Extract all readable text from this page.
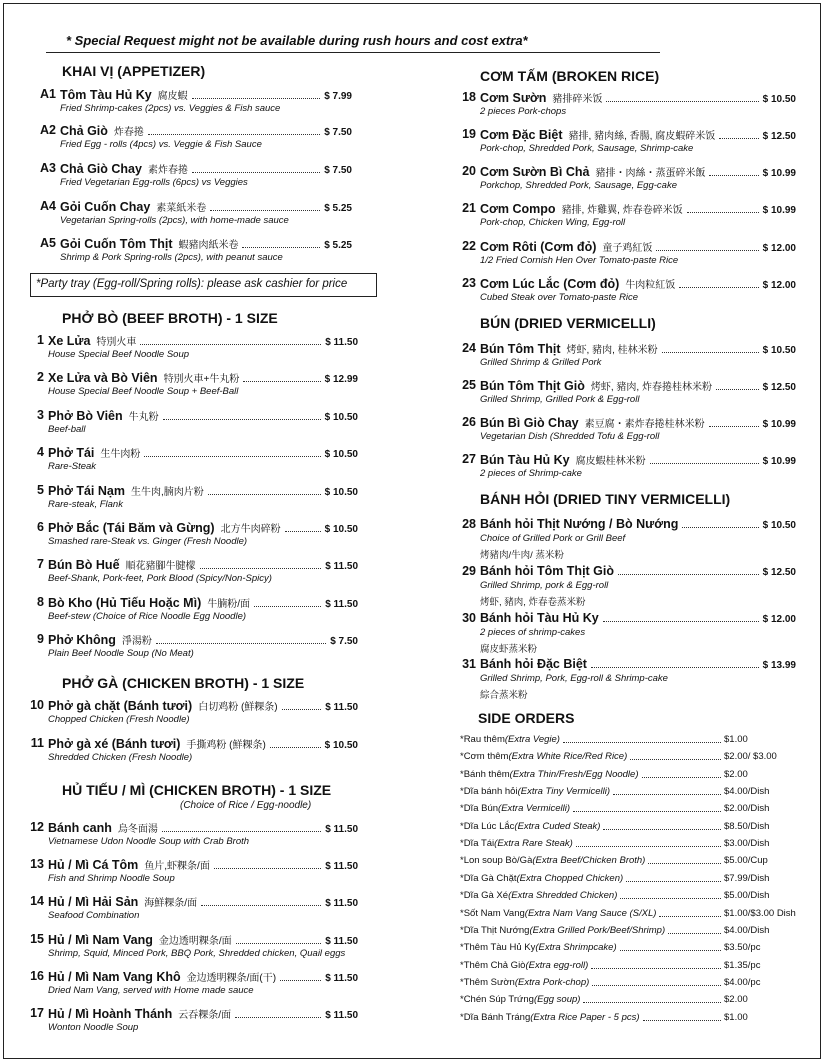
* Special Request might not be available during rush hours and cost extra*
KHAI VỊ (APPETIZER)
PHỞ BÒ (BEEF BROTH) - 1 SIZE
PHỞ GÀ (CHICKEN BROTH) - 1 SIZE
HỦ TIẾU / MÌ (CHICKEN BROTH) - 1 SIZE
(Choice of Rice / Egg-noodle)
CƠM TẤM (BROKEN RICE)
BÚN (DRIED VERMICELLI)
BÁNH HỎI (DRIED TINY VERMICELLI)
SIDE ORDERS
*Party tray (Egg-roll/Spring rolls): please ask cashier for price
A1 Tôm Tàu Hủ Ky 腐皮蝦	$ 7.99
Fried Shrimp-cakes (2pcs) vs. Veggies & Fish sauce
A2 Chả Giò 炸春捲	$ 7.50
Fried Egg - rolls (4pcs) vs. Veggie & Fish Sauce
A3 Chả Giò Chay 素炸春捲	$ 7.50
Fried Vegetarian Egg-rolls (6pcs) vs Veggies
A4 Gỏi Cuốn Chay 素菜紙米卷	$ 5.25
Vegetarian Spring-rolls (2pcs), with home-made sauce
A5 Gỏi Cuốn Tôm Thịt 蝦豬肉紙米卷	$ 5.25
Shrimp & Pork Spring-rolls (2pcs), with peanut sauce
1 Xe Lửa 特別火車	$ 11.50
House Special Beef Noodle Soup
2 Xe Lửa và Bò Viên 特別火車+牛丸粉	$ 12.99
House Special Beef Noodle Soup + Beef-Ball
3 Phở Bò Viên 牛丸粉	$ 10.50
Beef-ball
4 Phở Tái 生牛肉粉	$ 10.50
Rare-Steak
5 Phở Tái Nạm 生牛肉,腩肉片粉	$ 10.50
Rare-steak, Flank
6 Phở Bắc (Tái Băm và Gừng) 北方牛肉碎粉	$ 10.50
Smashed rare-Steak vs. Ginger (Fresh Noodle)
7 Bún Bò Huế 順花豬腳牛腱檬	$ 11.50
Beef-Shank, Pork-feet, Pork Blood (Spicy/Non-Spicy)
8 Bò Kho (Hủ Tiếu Hoặc Mì) 牛腩粉/面	$ 11.50
Beef-stew (Choice of Rice Noodle Egg Noodle)
9 Phở Không 淨湯粉	$ 7.50
Plain Beef Noodle Soup (No Meat)
10 Phở gà chặt (Bánh tươi) 白切鸡粉 (鮮粿条)	$ 11.50
Chopped Chicken (Fresh Noodle)
11 Phở gà xé (Bánh tươi) 手撕鸡粉 (鮮粿条)	$ 10.50
Shredded Chicken (Fresh Noodle)
12 Bánh canh 烏冬面湯	$ 11.50
Vietnamese Udon Noodle Soup with Crab Broth
13 Hủ / Mì Cá Tôm 鱼片,虾粿条/面	$ 11.50
Fish and Shrimp Noodle Soup
14 Hủ / Mì Hải Sản 海鮮粿条/面	$ 11.50
Seafood Combination
15 Hủ / Mì Nam Vang 金边透明粿条/面	$ 11.50
Shrimp, Squid, Minced Pork, BBQ Pork, Shredded chicken, Quail eggs
16 Hủ / Mì Nam Vang Khô 金边透明粿条/面(干)	$ 11.50
Dried Nam Vang, served with Home made sauce
17 Hủ / Mì Hoành Thánh 云吞粿条/面	$ 11.50
Wonton Noodle Soup
18 Cơm Sườn 豬排碎米饭	$ 10.50
2 pieces Pork-chops
19 Cơm Đặc Biệt 豬排, 豬肉絲, 香腸, 腐皮蝦碎米饭	$ 12.50
Pork-chop, Shredded Pork, Sausage, Shrimp-cake
20 Cơm Sườn Bì Chả 豬排・肉絲・蒸蛋碎米飯	$ 10.99
Porkchop, Shredded Pork, Sausage, Egg-cake
21 Cơm Compo 豬排, 炸雞翼, 炸春卷碎米饭	$ 10.99
Pork-chop, Chicken Wing, Egg-roll
22 Cơm Rôti (Cơm đỏ) 童子鸡紅饭	$ 12.00
1/2 Fried Cornish Hen Over Tomato-paste Rice
23 Cơm Lúc Lắc (Cơm đỏ) 牛肉粒紅饭	$ 12.00
Cubed Steak over Tomato-paste Rice
24 Bún Tôm Thịt 烤虾, 豬肉, 桂林米粉	$ 10.50
Grilled Shrimp & Grilled Pork
25 Bún Tôm Thịt Giò 烤虾, 豬肉, 炸春捲桂林米粉	$ 12.50
Grilled Shrimp, Grilled Pork & Egg-roll
26 Bún Bì Giò Chay 素豆腐・素炸春捲桂林米粉	$ 10.99
Vegetarian Dish (Shredded Tofu & Egg-roll
27 Bún Tàu Hủ Ky 腐皮蝦桂林米粉	$ 10.99
2 pieces of Shrimp-cake
28 Bánh hỏi Thịt Nướng / Bò Nướng	$ 10.50
Choice of Grilled Pork or Grill Beef
烤豬肉/牛肉/ 蒸米粉
29 Bánh hỏi Tôm Thịt Giò	$ 12.50
Grilled Shrimp, pork & Egg-roll
烤虾, 豬肉, 炸春卷蒸米粉
30 Bánh hỏi Tàu Hủ Ky	$ 12.00
2 pieces of shrimp-cakes
腐皮虾蒸米粉
31 Bánh hỏi Đặc Biệt	$ 13.99
Grilled Shrimp, Pork, Egg-roll & Shrimp-cake
綜合蒸米粉
*Rau thêm (Extra Vegie)	$1.00
*Cơm thêm (Extra White Rice/Red Rice)	$2.00/ $3.00
*Bánh thêm (Extra Thin/Fresh/Egg Noodle)	$2.00
*Dĩa bánh hỏi (Extra Tiny Vermicelli)	$4.00/Dish
*Dĩa Bún (Extra Vermicelli)	$2.00/Dish
*Dĩa Lúc Lắc (Extra Cuded Steak)	$8.50/Dish
*Dĩa Tái (Extra Rare Steak)	$3.00/Dish
*Lon soup Bò/Gà (Extra Beef/Chicken Broth)	$5.00/Cup
*Dĩa Gà Chặt (Extra Chopped Chicken)	$7.99/Dish
*Dĩa Gà Xé (Extra Shredded Chicken)	$5.00/Dish
*Sốt Nam Vang (Extra Nam Vang Sauce (S/XL)	$1.00/$3.00 Dish
*Dĩa Thịt Nướng (Extra Grilled Pork/Beef/Shrimp)	$4.00/Dish
*Thêm Tàu Hủ Ky (Extra Shrimpcake)	$3.50/pc
*Thêm Chả Giò (Extra egg-roll)	$1.35/pc
*Thêm Sườn (Extra Pork-chop)	$4.00/pc
*Chén Súp Trứng (Egg soup)	$2.00
*Dĩa Bánh Tráng (Extra Rice Paper - 5 pcs)	$1.00
